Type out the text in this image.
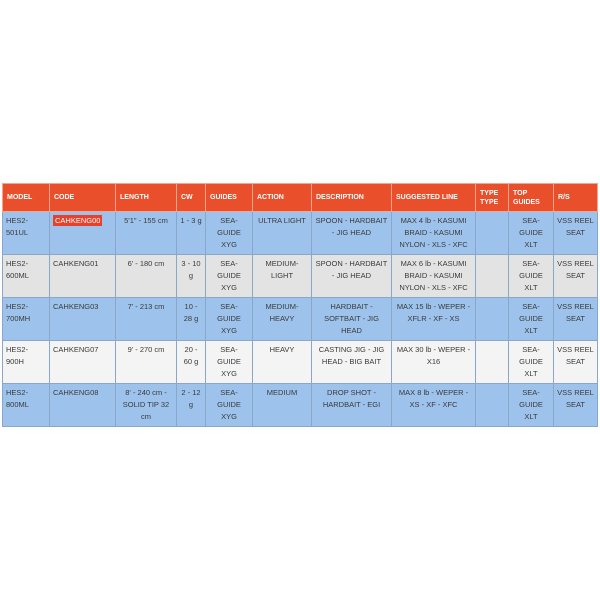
MODEL	CODE	LENGTH	CW	GUIDES	ACTION	DESCRIPTION	SUGGESTED LINE	TYPE TYPE	TOP GUIDES	R/S
HES2-501UL	CAHKENG00	5'1" - 155 cm	1 - 3 g	SEA-GUIDE XYG	ULTRA LIGHT	SPOON - HARDBAIT - JIG HEAD	MAX 4 lb - KASUMI BRAID - KASUMI NYLON - XLS - XFC		SEA-GUIDE XLT	VSS REEL SEAT
HES2-600ML	CAHKENG01	6' - 180 cm	3 - 10 g	SEA-GUIDE XYG	MEDIUM-LIGHT	SPOON - HARDBAIT - JIG HEAD	MAX 6 lb - KASUMI BRAID - KASUMI NYLON - XLS - XFC		SEA-GUIDE XLT	VSS REEL SEAT
HES2-700MH	CAHKENG03	7' - 213 cm	10 - 28 g	SEA-GUIDE XYG	MEDIUM-HEAVY	HARDBAIT - SOFTBAIT - JIG HEAD	MAX 15 lb - WEPER - XFLR - XF - XS		SEA-GUIDE XLT	VSS REEL SEAT
HES2-900H	CAHKENG07	9' - 270 cm	20 - 60 g	SEA-GUIDE XYG	HEAVY	CASTING JIG - JIG HEAD - BIG BAIT	MAX 30 lb - WEPER - X16		SEA-GUIDE XLT	VSS REEL SEAT
HES2-800ML	CAHKENG08	8' - 240 cm - SOLID TIP 32 cm	2 - 12 g	SEA-GUIDE XYG	MEDIUM	DROP SHOT - HARDBAIT - EGI	MAX 8 lb - WEPER - XS - XF - XFC		SEA-GUIDE XLT	VSS REEL SEAT
